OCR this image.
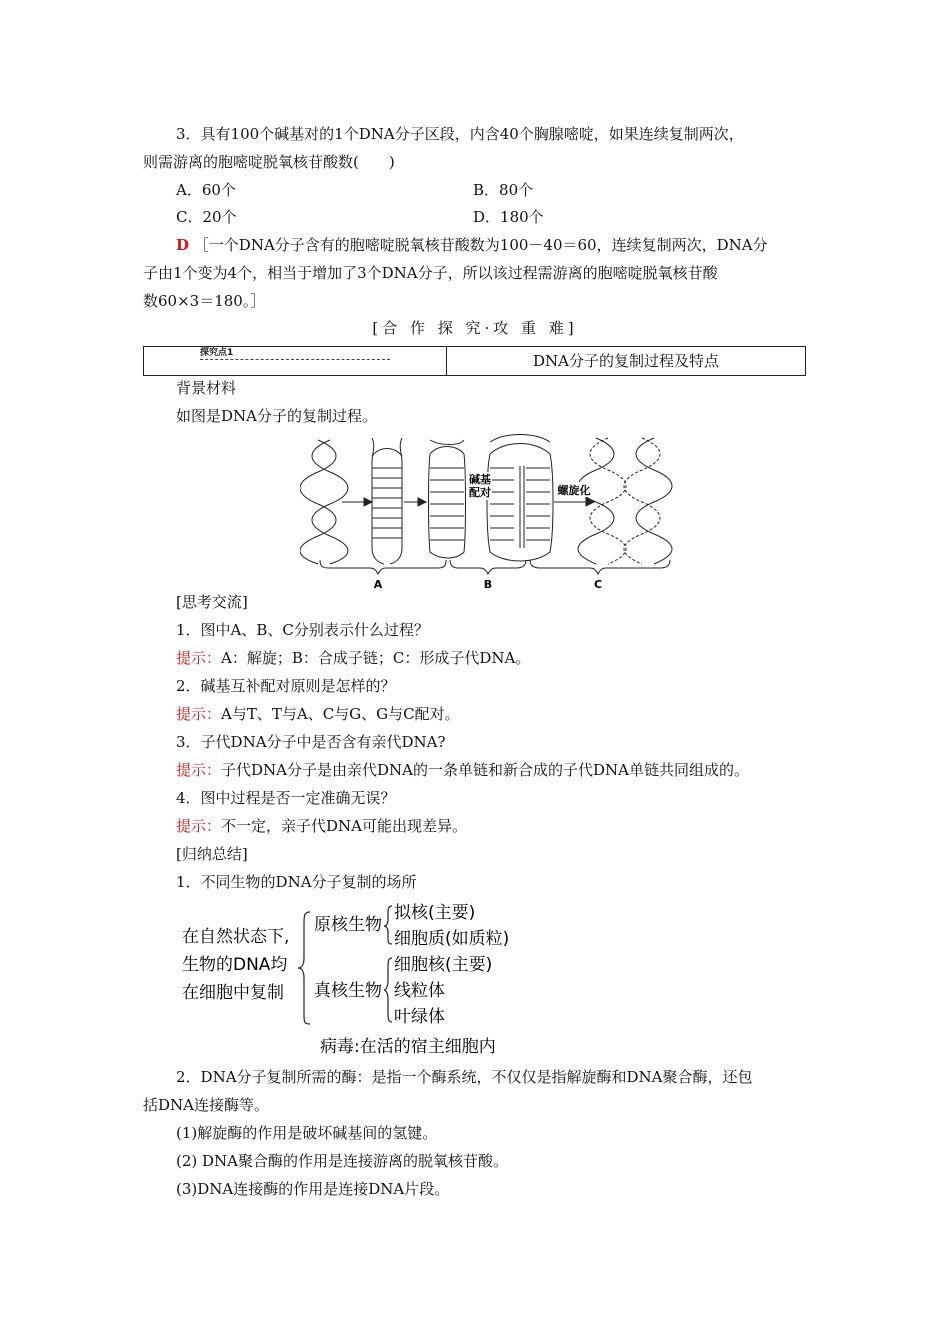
3．具有100个碱基对的1个DNA分子区段，内含40个胸腺嘧啶，如果连续复制两次，
则需游离的胞嘧啶脱氧核苷酸数(　　)
A．60个	B．80个
C．20个	D．180个
D ［一个DNA分子含有的胞嘧啶脱氧核苷酸数为100－40＝60，连续复制两次，DNA分
子由1个变为4个，相当于增加了3个DNA分子，所以该过程需游离的胞嘧啶脱氧核苷酸
数60×3＝180。］
[合 作 探 究·攻 重 难]
探究点1	DNA分子的复制过程及特点
背景材料
如图是DNA分子的复制过程。
碱基
配对	螺旋化
A	B	C
[思考交流]
1．图中A、B、C分别表示什么过程？
提示：A：解旋；B：合成子链；C：形成子代DNA。
2．碱基互补配对原则是怎样的？
提示：A与T、T与A、C与G、G与C配对。
3．子代DNA分子中是否含有亲代DNA?
提示：子代DNA分子是由亲代DNA的一条单链和新合成的子代DNA单链共同组成的。
4．图中过程是否一定准确无误？
提示：不一定，亲子代DNA可能出现差异。
[归纳总结]
1．不同生物的DNA分子复制的场所
在自然状态下,
生物的DNA均
在细胞中复制
原核生物
拟核(主要)
细胞质(如质粒)
真核生物
细胞核(主要)
线粒体
叶绿体
病毒:在活的宿主细胞内
2．DNA分子复制所需的酶：是指一个酶系统，不仅仅是指解旋酶和DNA聚合酶，还包
括DNA连接酶等。
(1)解旋酶的作用是破坏碱基间的氢键。
(2) DNA聚合酶的作用是连接游离的脱氧核苷酸。
(3)DNA连接酶的作用是连接DNA片段。
